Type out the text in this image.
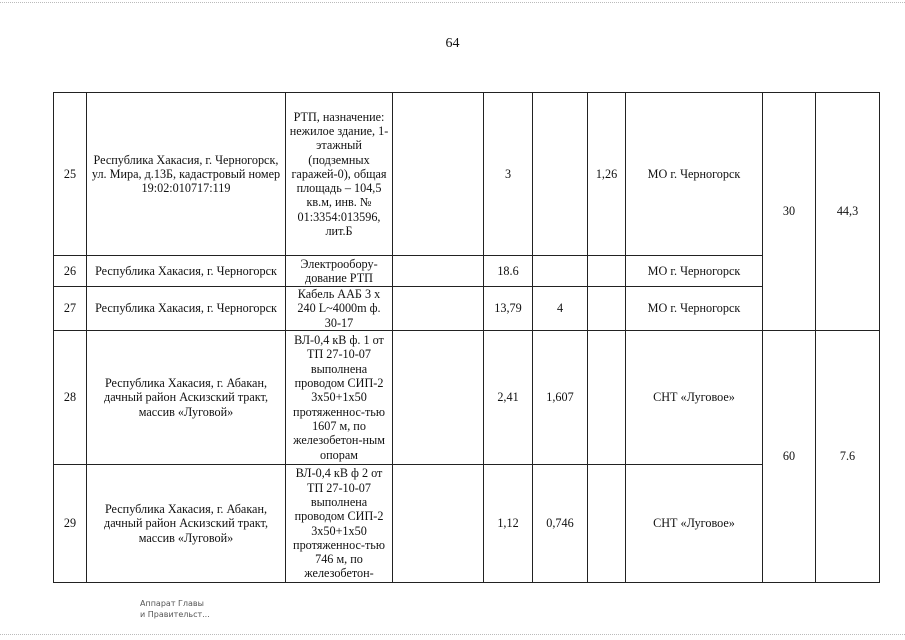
64
25	Республика Хакасия, г. Черногорск, ул. Мира, д.13Б, кадастровый номер 19:02:010717:119	РТП, назначение: нежилое здание, 1-этажный (подземных гаражей-0), общая площадь – 104,5 кв.м, инв. № 01:3354:013596, лит.Б		3		1,26	МО г. Черногорск	30	44,3
26	Республика Хакасия, г. Черногорск	Электрообору-дование РТП		18.6			МО г. Черногорск		
27	Республика Хакасия, г. Черногорск	Кабель ААБ 3 х 240 L~4000m ф. 30-17		13,79	4		МО г. Черногорск		
28	Республика Хакасия, г. Абакан, дачный район Аскизский тракт, массив «Луговой»	ВЛ-0,4 кВ ф. 1 от ТП 27-10-07 выполнена проводом СИП-2 3х50+1х50 протяженнос-тью 1607 м, по железобетон-ным опорам		2,41	1,607		СНТ «Луговое»	60	7.6
29	Республика Хакасия, г. Абакан, дачный район Аскизский тракт, массив «Луговой»	ВЛ-0,4 кВ ф 2 от ТП 27-10-07 выполнена проводом СИП-2 3х50+1х50 протяженнос-тью 746 м, по железобетон-		1,12	0,746		СНТ «Луговое»		
Аппарат Главы
и Правительст...
